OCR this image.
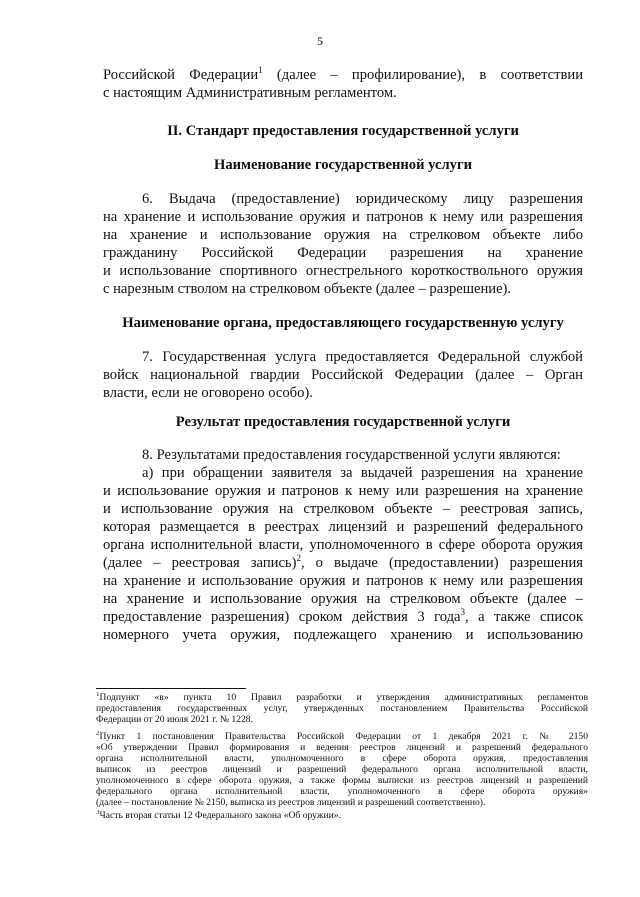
5

Российской Федерации$^1$ (далее – профилирование), в соответствии

с настоящим Административным регламентом.

II. Стандарт предоставления государственной услуги
Наименование государственной услуги

6. Выдача (предоставление) юридическому лицу разрешения

на хранение и использование оружия и патронов к нему или разрешения

на хранение и использование оружия на стрелковом объекте либо

гражданину Российской Федерации разрешения на хранение

и использование спортивного огнестрельного короткоствольного оружия

с нарезным стволом на стрелковом объекте (далее – разрешение).

Наименование органа, предоставляющего государственную услугу

7. Государственная услуга предоставляется Федеральной службой

войск национальной гвардии Российской Федерации (далее – Орган

власти, если не оговорено особо).

Результат предоставления государственной услуги

8. Результатами предоставления государственной услуги являются:

а) при обращении заявителя за выдачей разрешения на хранение

и использование оружия и патронов к нему или разрешения на хранение

и использование оружия на стрелковом объекте – реестровая запись,

которая размещается в реестрах лицензий и разрешений федерального

органа исполнительной власти, уполномоченного в сфере оборота оружия

(далее – реестровая запись)$^2$, о выдаче (предоставлении) разрешения

на хранение и использование оружия и патронов к нему или разрешения

на хранение и использование оружия на стрелковом объекте (далее –

предоставление разрешения) сроком действия 3 года$^3$, а также список

номерного учета оружия, подлежащего хранению и использованию

$^1$Подпункт «в» пункта 10 Правил разработки и утверждения административных регламентов

предоставления государственных услуг, утвержденных постановлением Правительства Российской

Федерации от 20 июля 2021 г. № 1228.

$^2$Пункт 1 постановления Правительства Российской Федерации от 1 декабря 2021 г. № 2150

«Об утверждении Правил формирования и ведения реестров лицензий и разрешений федерального

органа исполнительной власти, уполномоченного в сфере оборота оружия, предоставления

выписок из реестров лицензий и разрешений федерального органа исполнительной власти,

уполномоченного в сфере оборота оружия, а также формы выписки из реестров лицензий и разрешений

федерального органа исполнительной власти, уполномоченного в сфере оборота оружия»

(далее – постановление № 2150, выписка из реестров лицензий и разрешений соответственно).

$^3$Часть вторая статьи 12 Федерального закона «Об оружии».
